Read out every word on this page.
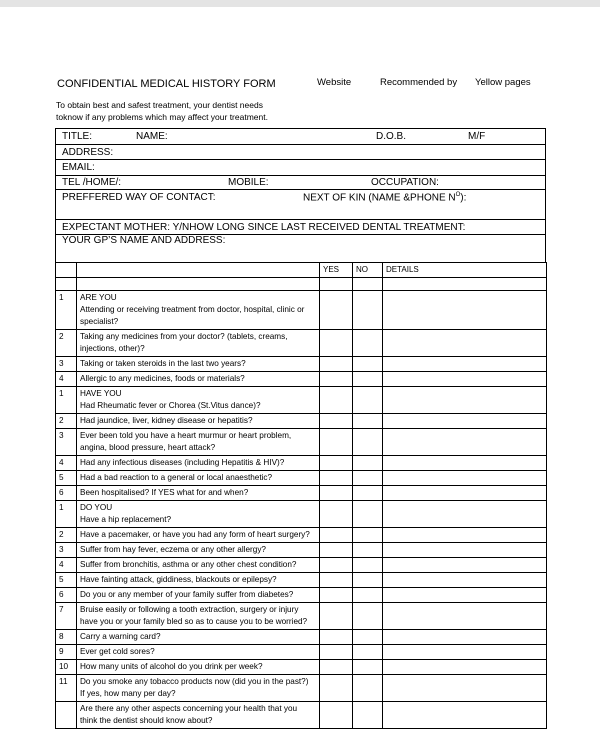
CONFIDENTIAL MEDICAL HISTORY FORM	Website	Recommended by Yellow pages
To obtain best and safest treatment, your dentist needs
toknow if any problems which may affect your treatment.
TITLE:	NAME:	D.O.B.	M/F
ADDRESS:
EMAIL:
TEL /HOME/:	MOBILE:	OCCUPATION:
PREFFERED WAY OF CONTACT:	NEXT OF KIN (NAME &PHONE $N^O$):
EXPECTANT MOTHER: Y/NHOW LONG SINCE LAST RECEIVED DENTAL TREATMENT:
YOUR GP’S NAME AND ADDRESS:
		YES	NO	DETAILS

1	ARE YOU
Attending or receiving treatment from doctor, hospital, clinic or specialist?			
2	Taking any medicines from your doctor? (tablets, creams, injections, other)?			
3	Taking or taken steroids in the last two years?			
4	Allergic to any medicines, foods or materials?			
1	HAVE YOU
Had Rheumatic fever or Chorea (St.Vitus dance)?			
2	Had jaundice, liver, kidney disease or hepatitis?			
3	Ever been told you have a heart murmur or heart problem, angina, blood pressure, heart attack?			
4	Had any infectious diseases (including Hepatitis & HIV)?			
5	Had a bad reaction to a general or local anaesthetic?			
6	Been hospitalised? If YES what for and when?			
1	DO YOU
Have a hip replacement?			
2	Have a pacemaker, or have you had any form of heart surgery?			
3	Suffer from hay fever, eczema or any other allergy?			
4	Suffer from bronchitis, asthma or any other chest condition?			
5	Have fainting attack, giddiness, blackouts or epilepsy?			
6	Do you or any member of your family suffer from diabetes?			
7	Bruise easily or following a tooth extraction, surgery or injury have you or your family bled so as to cause you to be worried?			
8	Carry a warning card?			
9	Ever get cold sores?			
10	How many units of alcohol do you drink per week?			
11	Do you smoke any tobacco products now (did you in the past?)
If yes, how many per day?			
	Are there any other aspects concerning your health that you think the dentist should know about?			
